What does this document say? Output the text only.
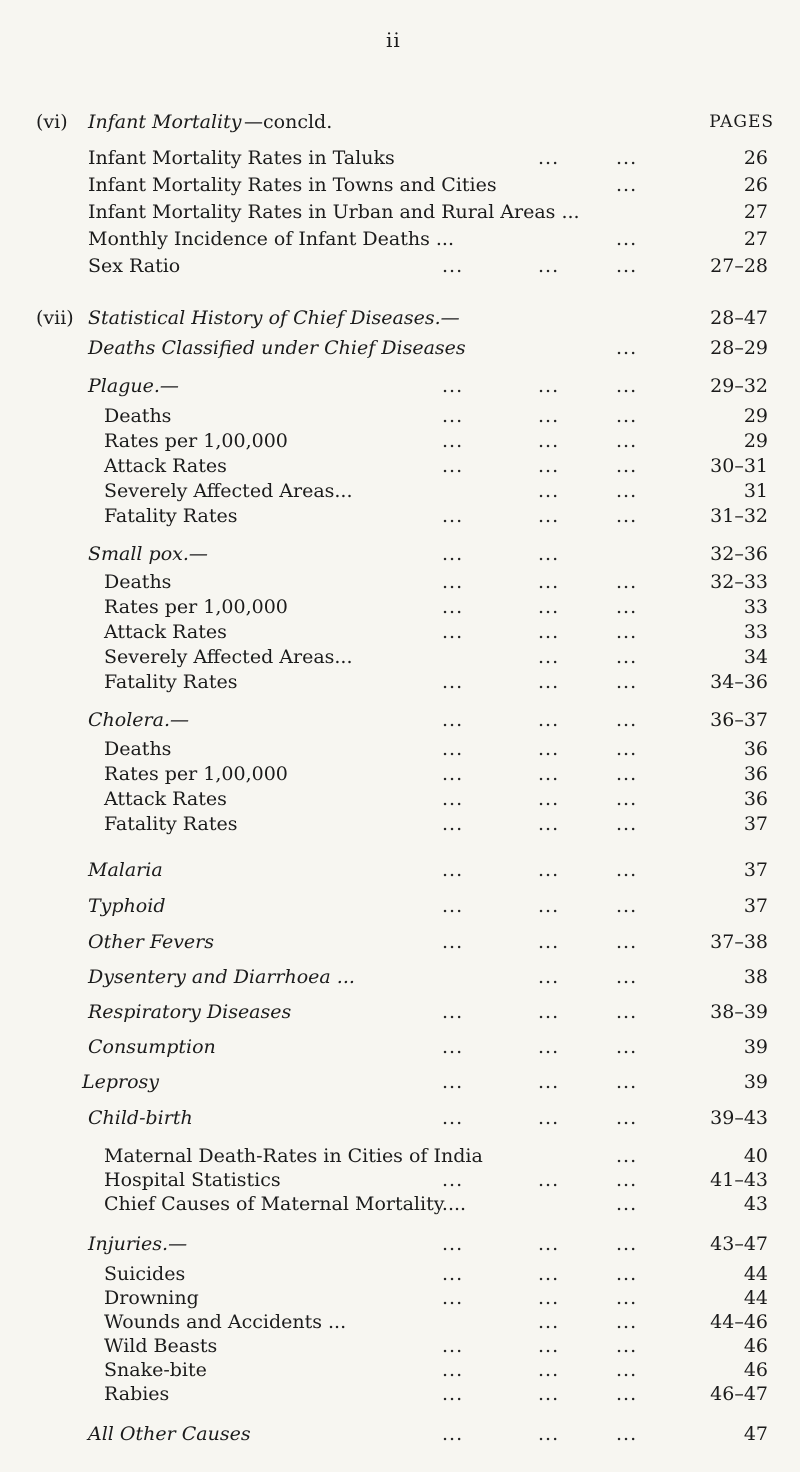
ii
(vi) Infant Mortality —concld.	PAGES
Infant Mortality Rates in Taluks	...	...	26
Infant Mortality Rates in Towns and Cities	...	26
Infant Mortality Rates in Urban and Rural Areas ...	27
Monthly Incidence of Infant Deaths ...	...	27
Sex Ratio	...	...	...	27–28
(vii) Statistical History of Chief Diseases.—	28–47
Deaths Classified under Chief Diseases	...	28–29
Plague.—	...	...	...	29–32
Deaths	...	...	...	29
Rates per 1,00,000	...	...	...	29
Attack Rates	...	...	...	30–31
Severely Affected Areas...	...	...	31
Fatality Rates	...	...	...	31–32
Small pox.—	...	...	32–36
Deaths	...	...	...	32–33
Rates per 1,00,000	...	...	...	33
Attack Rates	...	...	...	33
Severely Affected Areas...	...	...	34
Fatality Rates	...	...	...	34–36
Cholera.—	...	...	...	36–37
Deaths	...	...	...	36
Rates per 1,00,000	...	...	...	36
Attack Rates	...	...	...	36
Fatality Rates	...	...	...	37
Malaria	...	...	...	37
Typhoid	...	...	...	37
Other Fevers	...	...	...	37–38
Dysentery and Diarrhoea ...	...	...	38
Respiratory Diseases	...	...	...	38–39
Consumption	...	...	...	39
Leprosy	...	...	...	39
Child-birth	...	...	...	39–43
Maternal Death-Rates in Cities of India	...	40
Hospital Statistics	...	...	...	41–43
Chief Causes of Maternal Mortality....	...	43
Injuries.—	...	...	...	43–47
Suicides	...	...	...	44
Drowning	...	...	...	44
Wounds and Accidents ...	...	...	44–46
Wild Beasts	...	...	...	46
Snake-bite	...	...	...	46
Rabies	...	...	...	46–47
All Other Causes	...	...	...	47
